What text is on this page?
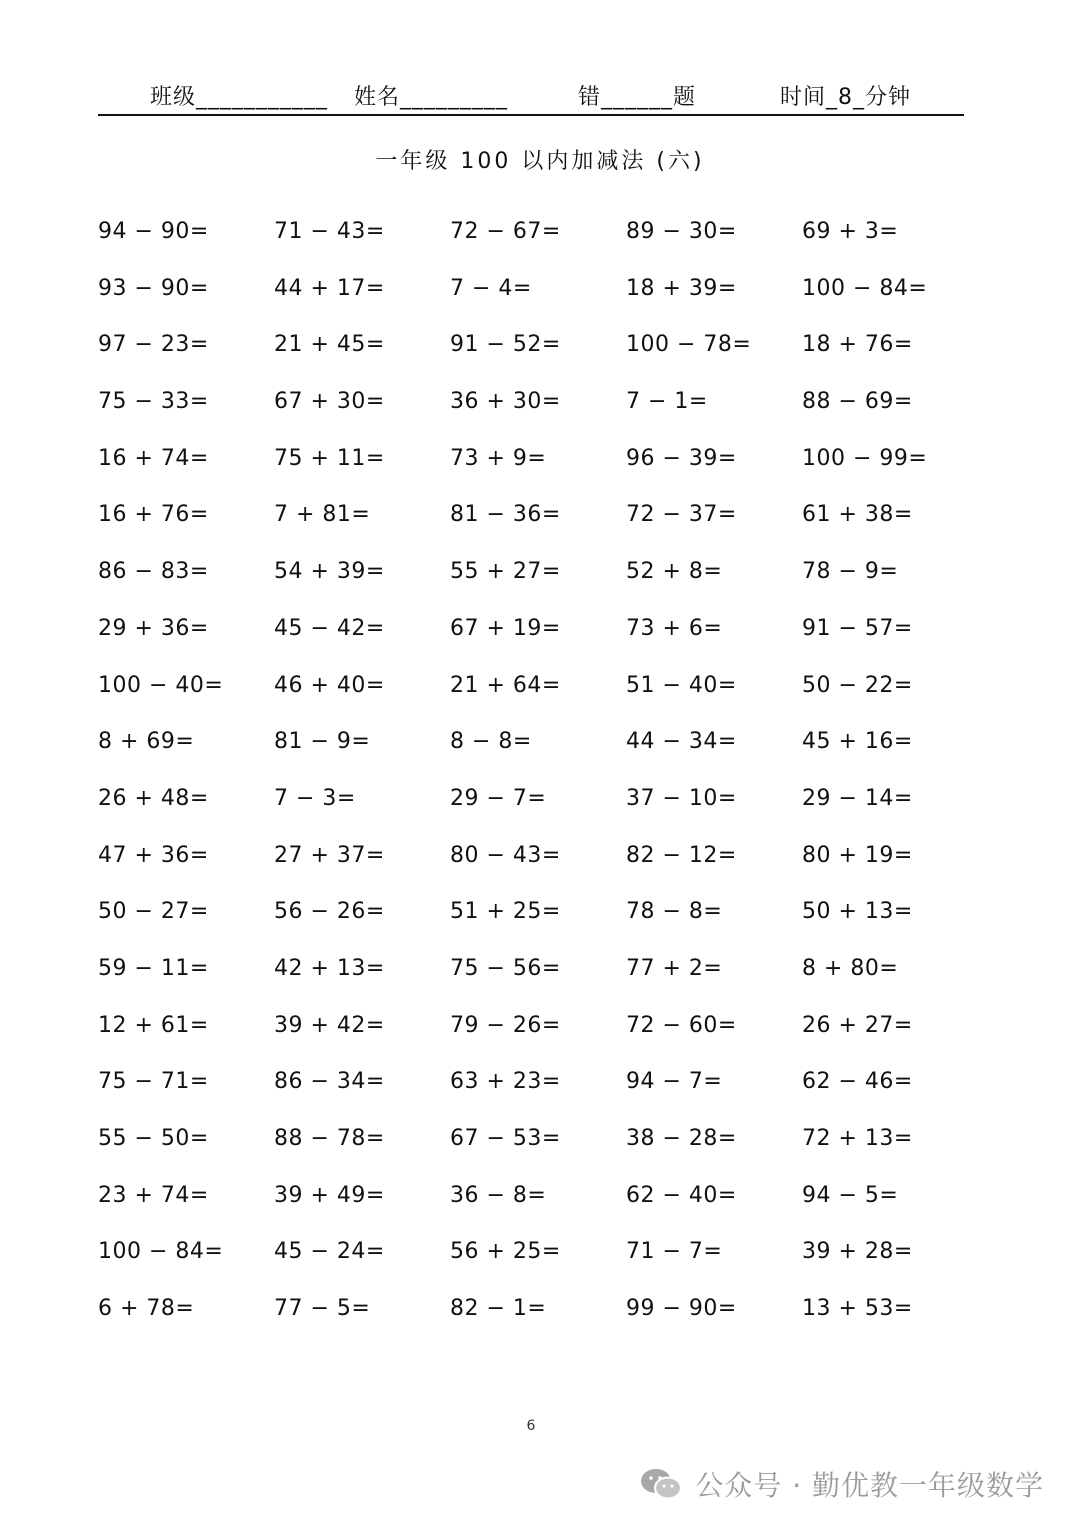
班级___________ 姓名_________	错______题	时间_8_分钟
一年级 100 以内加减法 (六)
94 − 90=	71 − 43=	72 − 67=	89 − 30=	69 + 3=
93 − 90=	44 + 17=	7 − 4=	18 + 39=	100 − 84=
97 − 23=	21 + 45=	91 − 52=	100 − 78=	18 + 76=
75 − 33=	67 + 30=	36 + 30=	7 − 1=	88 − 69=
16 + 74=	75 + 11=	73 + 9=	96 − 39=	100 − 99=
16 + 76=	7 + 81=	81 − 36=	72 − 37=	61 + 38=
86 − 83=	54 + 39=	55 + 27=	52 + 8=	78 − 9=
29 + 36=	45 − 42=	67 + 19=	73 + 6=	91 − 57=
100 − 40=	46 + 40=	21 + 64=	51 − 40=	50 − 22=
8 + 69=	81 − 9=	8 − 8=	44 − 34=	45 + 16=
26 + 48=	7 − 3=	29 − 7=	37 − 10=	29 − 14=
47 + 36=	27 + 37=	80 − 43=	82 − 12=	80 + 19=
50 − 27=	56 − 26=	51 + 25=	78 − 8=	50 + 13=
59 − 11=	42 + 13=	75 − 56=	77 + 2=	8 + 80=
12 + 61=	39 + 42=	79 − 26=	72 − 60=	26 + 27=
75 − 71=	86 − 34=	63 + 23=	94 − 7=	62 − 46=
55 − 50=	88 − 78=	67 − 53=	38 − 28=	72 + 13=
23 + 74=	39 + 49=	36 − 8=	62 − 40=	94 − 5=
100 − 84=	45 − 24=	56 + 25=	71 − 7=	39 + 28=
6 + 78=	77 − 5=	82 − 1=	99 − 90=	13 + 53=
6
公众号 · 勤优教一年级数学
